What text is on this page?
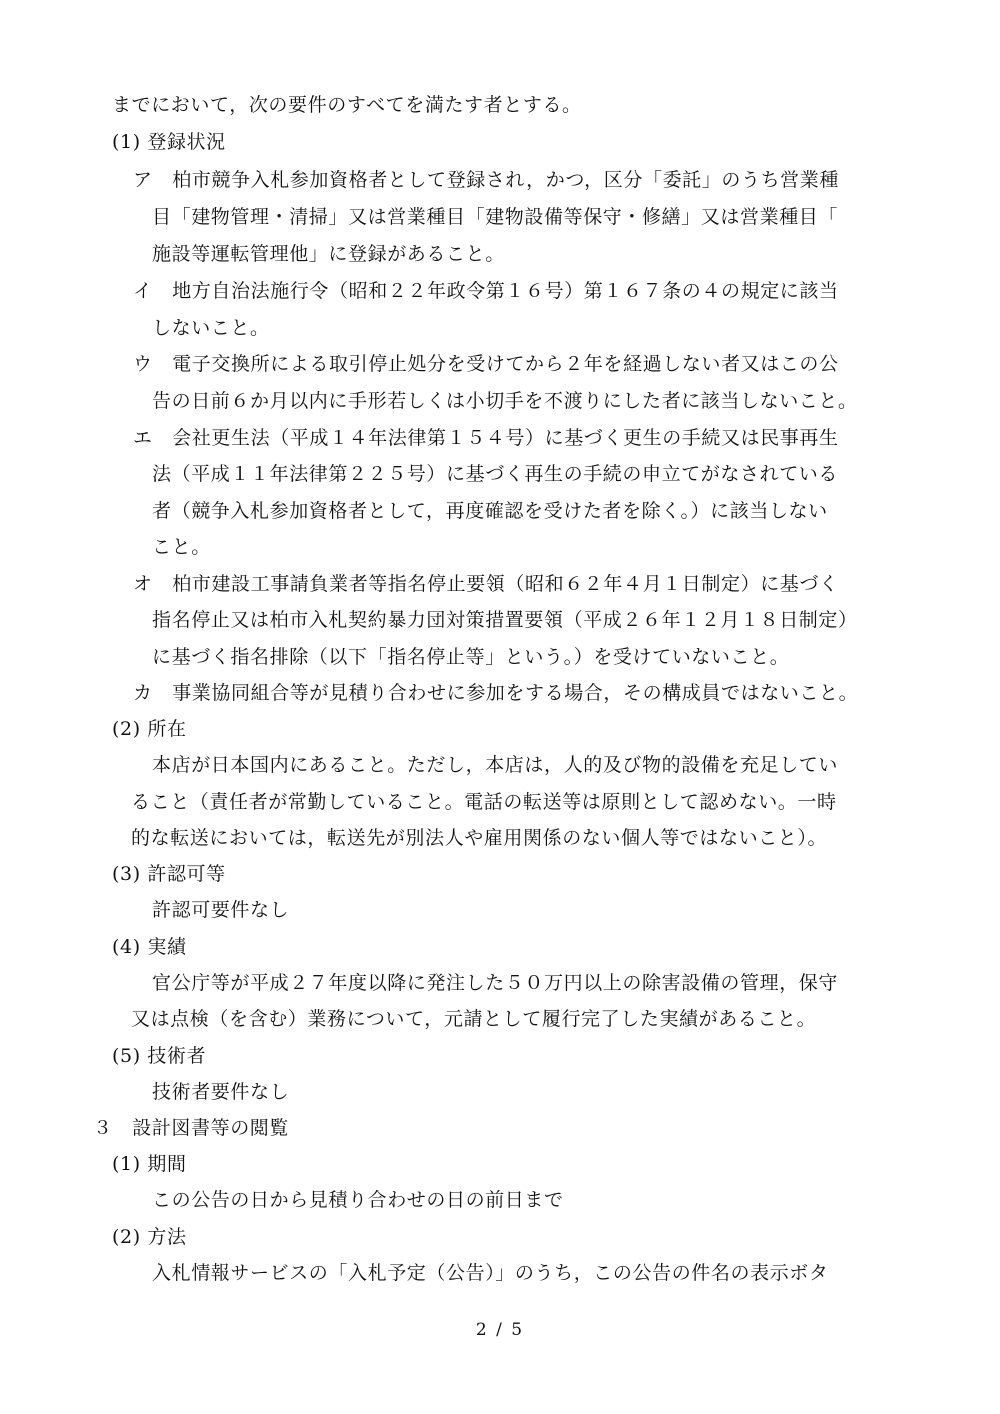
までにおいて，次の要件のすべてを満たす者とする。
(1) 登録状況
ア　柏市競争入札参加資格者として登録され，かつ，区分「委託」のうち営業種
目「建物管理・清掃」又は営業種目「建物設備等保守・修繕」又は営業種目「
施設等運転管理他」に登録があること。
イ　地方自治法施行令（昭和２２年政令第１６号）第１６７条の４の規定に該当
しないこと。
ウ　電子交換所による取引停止処分を受けてから２年を経過しない者又はこの公
告の日前６か月以内に手形若しくは小切手を不渡りにした者に該当しないこと。
エ　会社更生法（平成１４年法律第１５４号）に基づく更生の手続又は民事再生
法（平成１１年法律第２２５号）に基づく再生の手続の申立てがなされている
者（競争入札参加資格者として，再度確認を受けた者を除く。）に該当しない
こと。
オ　柏市建設工事請負業者等指名停止要領（昭和６２年４月１日制定）に基づく
指名停止又は柏市入札契約暴力団対策措置要領（平成２６年１２月１８日制定）
に基づく指名排除（以下「指名停止等」という。）を受けていないこと。
カ　事業協同組合等が見積り合わせに参加をする場合，その構成員ではないこと。
(2) 所在
本店が日本国内にあること。ただし，本店は，人的及び物的設備を充足してい
ること（責任者が常勤していること。電話の転送等は原則として認めない。一時
的な転送においては，転送先が別法人や雇用関係のない個人等ではないこと）。
(3) 許認可等
許認可要件なし
(4) 実績
官公庁等が平成２７年度以降に発注した５０万円以上の除害設備の管理，保守
又は点検（を含む）業務について，元請として履行完了した実績があること。
(5) 技術者
技術者要件なし
３　設計図書等の閲覧
(1) 期間
この公告の日から見積り合わせの日の前日まで
(2) 方法
入札情報サービスの「入札予定（公告）」のうち，この公告の件名の表示ボタ
2 / 5
